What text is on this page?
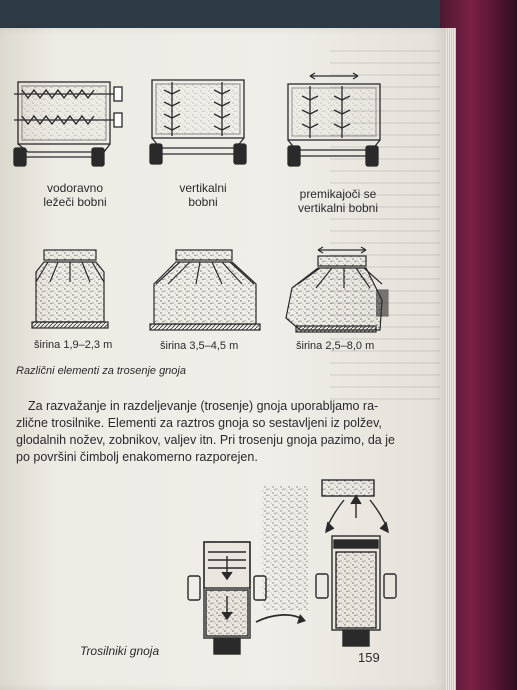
vodoravno
ležeči bobni
vertikalni
bobni
premikajoči se
vertikalni bobni
širina 1,9–2,3 m	širina 3,5–4,5 m	širina 2,5–8,0 m
Različni elementi za trosenje gnoja
Za razvažanje in razdeljevanje (trosenje) gnoja uporabljamo ra-
zlične trosilnike. Elementi za raztros gnoja so sestavljeni iz polžev,
glodalnih nožev, zobnikov, valjev itn. Pri trosenju gnoja pazimo, da je
po površini čimbolj enakomerno razporejen.
Trosilniki gnoja	159
